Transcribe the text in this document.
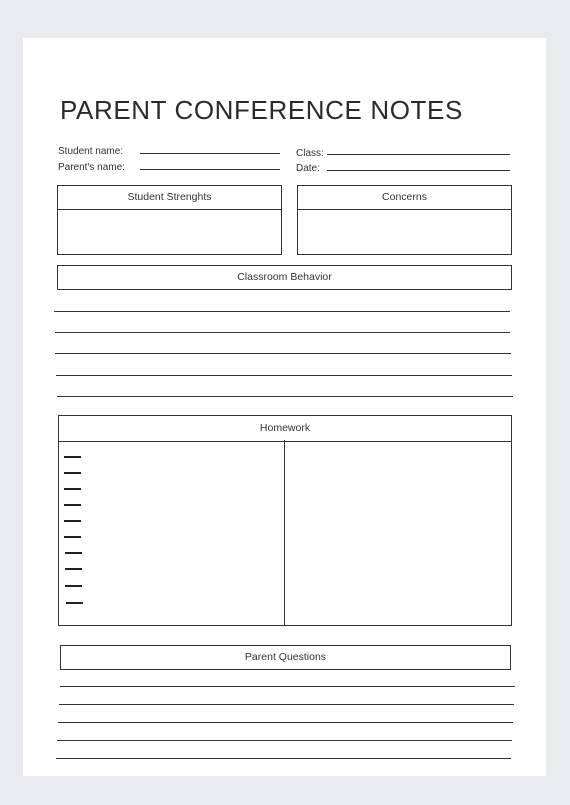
PARENT CONFERENCE NOTES
Student name:
Parent's name:
Class:
Date:
Student Strenghts	Concerns
Classroom Behavior
Homework
Parent Questions
